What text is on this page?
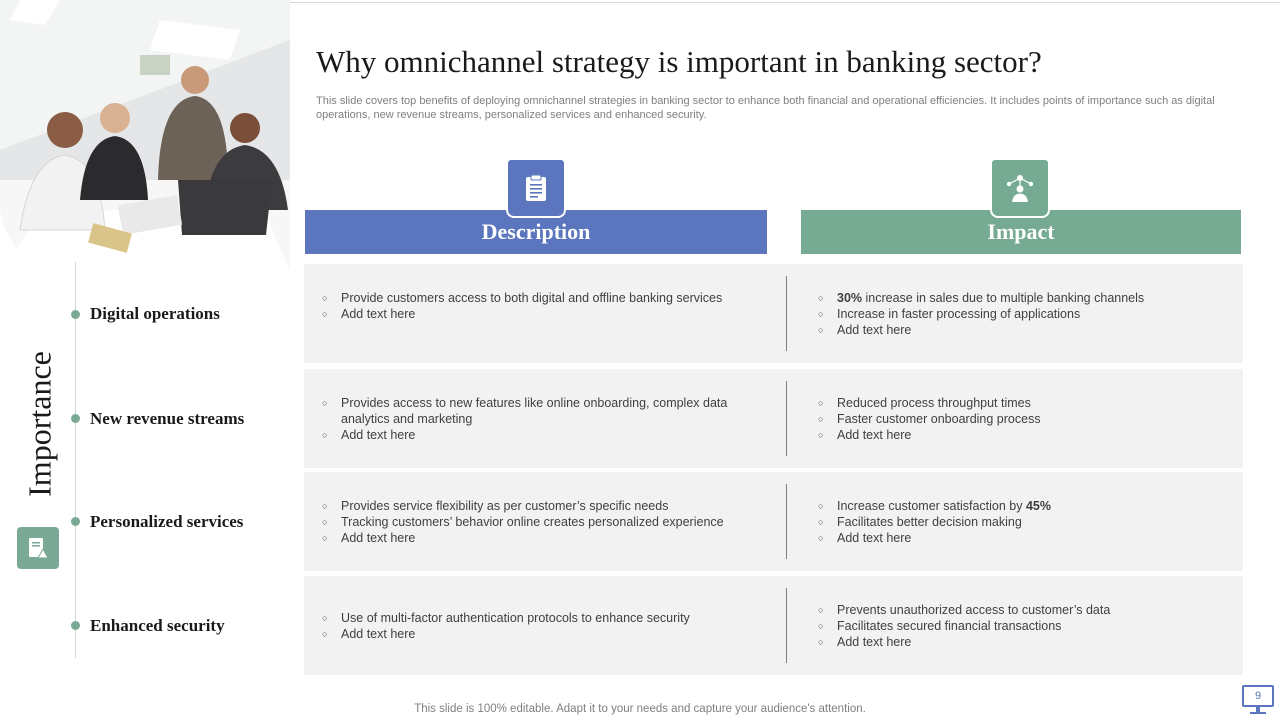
Why omnichannel strategy is important in banking sector?
This slide covers top benefits of deploying omnichannel strategies in banking sector to enhance both financial and operational efficiencies. It includes points of importance such as digital operations, new revenue streams, personalized services and enhanced security.
Importance
Digital operations
New revenue streams
Personalized services
Enhanced security
Description	Impact
○ Provide customers access to both digital and offline banking services
○ Add text here
○ 30% increase in sales due to multiple banking channels
○ Increase in faster processing of applications
○ Add text here
○ Provides access to new features like online onboarding, complex data analytics and marketing
○ Add text here
○ Reduced process throughput times
○ Faster customer onboarding process
○ Add text here
○ Provides service flexibility as per customer’s specific needs
○ Tracking customers’ behavior online creates personalized experience
○ Add text here
○ Increase customer satisfaction by 45%
○ Facilitates better decision making
○ Add text here
○ Use of multi-factor authentication protocols to enhance security
○ Add text here
○ Prevents unauthorized access to customer’s data
○ Facilitates secured financial transactions
○ Add text here
This slide is 100% editable. Adapt it to your needs and capture your audience's attention.
9
